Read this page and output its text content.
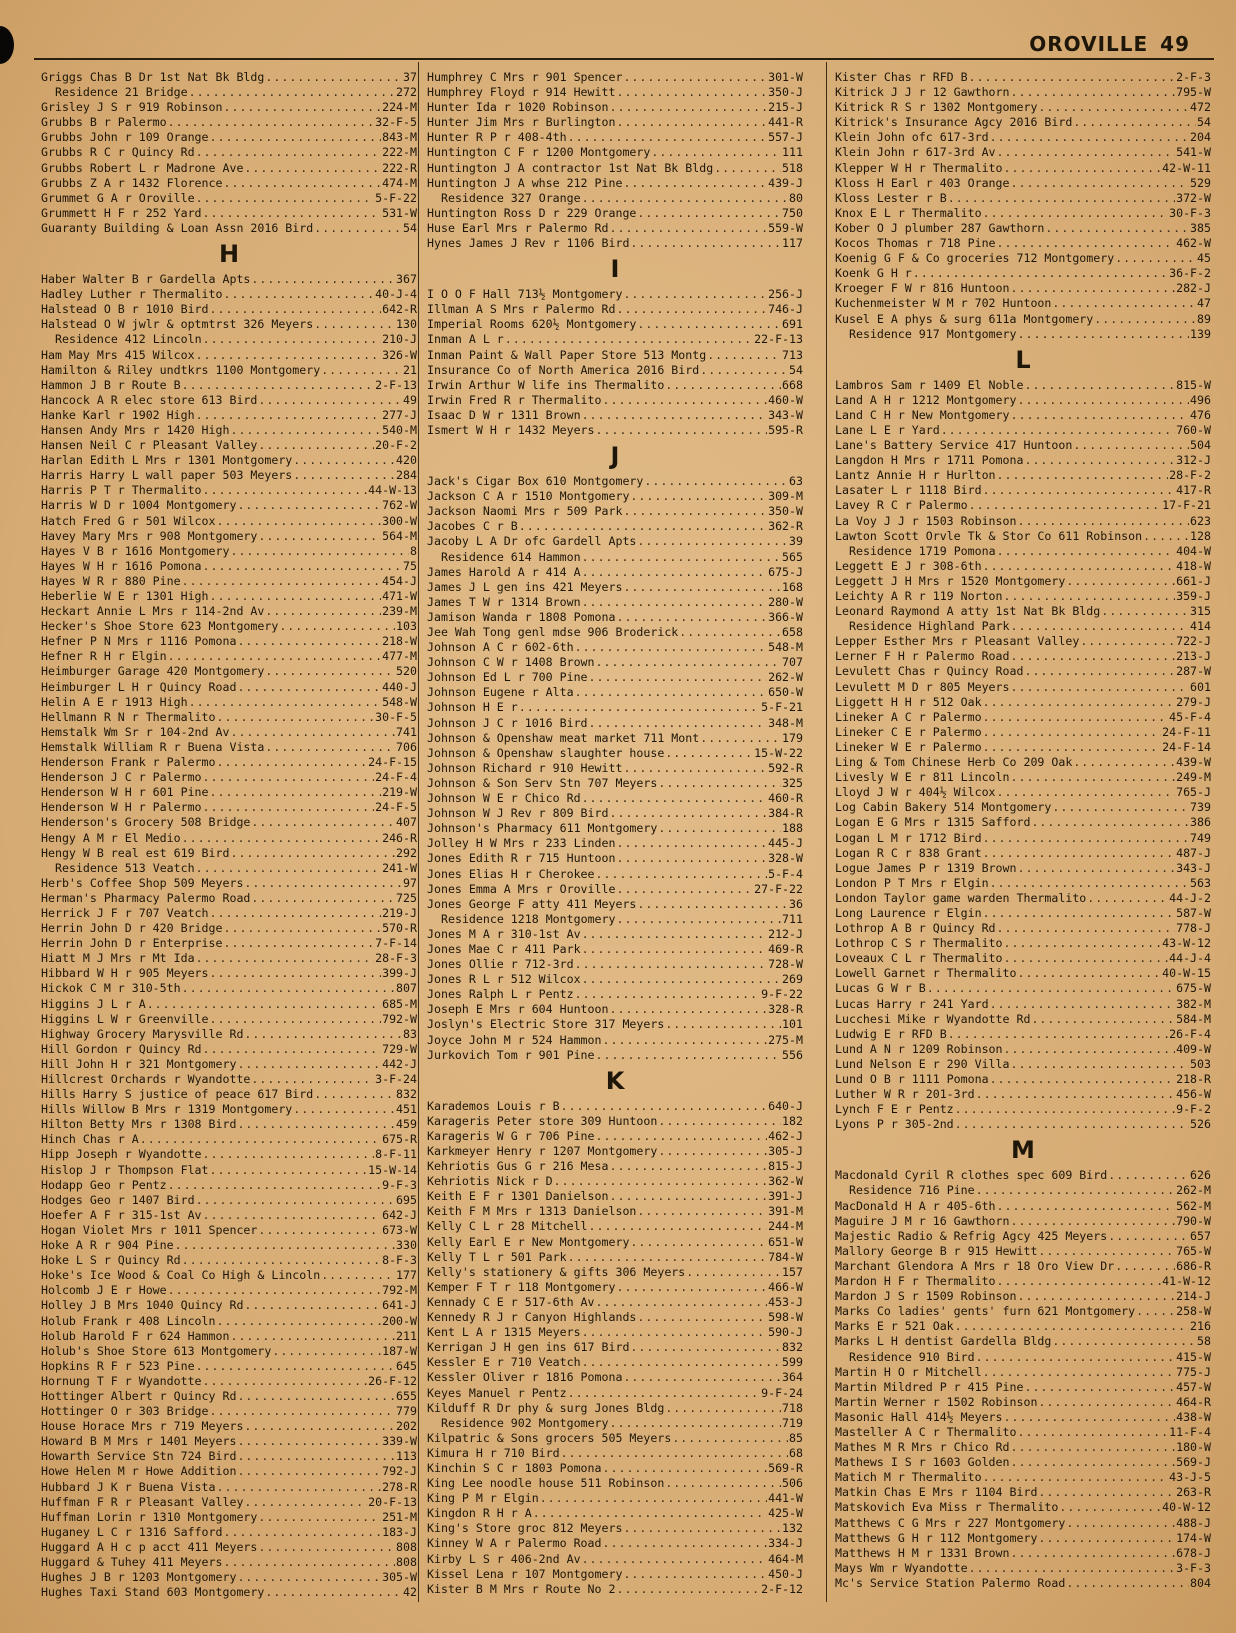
OROVILLE 49
Griggs Chas B Dr 1st Nat Bk Bldg .....	37
Residence 21 Bridge .....	272
Grisley J S r 919 Robinson .....	224-M
Grubbs B r Palermo .....	32-F-5
Grubbs John r 109 Orange .....	843-M
Grubbs R C r Quincy Rd .....	222-M
Grubbs Robert L r Madrone Ave .....	222-R
Grubbs Z A r 1432 Florence .....	474-M
Grummet G A r Oroville .....	5-F-22
Grummett H F r 252 Yard .....	531-W
Guaranty Building & Loan Assn 2016 Bird .....	54
H
Haber Walter B r Gardella Apts .....	367
Hadley Luther r Thermalito .....	40-J-4
Halstead O B r 1010 Bird .....	642-R
Halstead O W jwlr & optmtrst 326 Meyers .....	130
Residence 412 Lincoln .....	210-J
Ham May Mrs 415 Wilcox .....	326-W
Hamilton & Riley undtkrs 1100 Montgomery .....	21
Hammon J B r Route B .....	2-F-13
Hancock A R elec store 613 Bird .....	49
Hanke Karl r 1902 High .....	277-J
Hansen Andy Mrs r 1420 High .....	540-M
Hansen Neil C r Pleasant Valley .....	20-F-2
Harlan Edith L Mrs r 1301 Montgomery .....	420
Harris Harry L wall paper 503 Meyers .....	284
Harris P T r Thermalito .....	44-W-13
Harris W D r 1004 Montgomery .....	762-W
Hatch Fred G r 501 Wilcox .....	300-W
Havey Mary Mrs r 908 Montgomery .....	564-M
Hayes V B r 1616 Montgomery .....	8
Hayes W H r 1616 Pomona .....	75
Hayes W R r 880 Pine .....	454-J
Heberlie W E r 1301 High .....	471-W
Heckart Annie L Mrs r 114-2nd Av .....	239-M
Hecker's Shoe Store 623 Montgomery .....	103
Hefner P N Mrs r 1116 Pomona .....	218-W
Hefner R H r Elgin .....	477-M
Heimburger Garage 420 Montgomery .....	520
Heimburger L H r Quincy Road .....	440-J
Helin A E r 1913 High .....	548-W
Hellmann R N r Thermalito .....	30-F-5
Hemstalk Wm Sr r 104-2nd Av .....	741
Hemstalk William R r Buena Vista .....	706
Henderson Frank r Palermo .....	24-F-15
Henderson J C r Palermo .....	24-F-4
Henderson W H r 601 Pine .....	219-W
Henderson W H r Palermo .....	24-F-5
Henderson's Grocery 508 Bridge .....	407
Hengy A M r El Medio .....	246-R
Hengy W B real est 619 Bird .....	292
Residence 513 Veatch .....	241-W
Herb's Coffee Shop 509 Meyers .....	97
Herman's Pharmacy Palermo Road .....	725
Herrick J F r 707 Veatch .....	219-J
Herrin John D r 420 Bridge .....	570-R
Herrin John D r Enterprise .....	7-F-14
Hiatt M J Mrs r Mt Ida .....	28-F-3
Hibbard W H r 905 Meyers .....	399-J
Hickok C M r 310-5th .....	807
Higgins J L r A .....	685-M
Higgins L W r Greenville .....	792-W
Highway Grocery Marysville Rd .....	83
Hill Gordon r Quincy Rd .....	729-W
Hill John H r 321 Montgomery .....	442-J
Hillcrest Orchards r Wyandotte .....	3-F-24
Hills Harry S justice of peace 617 Bird .....	832
Hills Willow B Mrs r 1319 Montgomery .....	451
Hilton Betty Mrs r 1308 Bird .....	459
Hinch Chas r A .....	675-R
Hipp Joseph r Wyandotte .....	8-F-11
Hislop J r Thompson Flat .....	15-W-14
Hodapp Geo r Pentz .....	9-F-3
Hodges Geo r 1407 Bird .....	695
Hoefer A F r 315-1st Av .....	642-J
Hogan Violet Mrs r 1011 Spencer .....	673-W
Hoke A R r 904 Pine .....	330
Hoke L S r Quincy Rd .....	8-F-3
Hoke's Ice Wood & Coal Co High & Lincoln .....	177
Holcomb J E r Howe .....	792-M
Holley J B Mrs 1040 Quincy Rd .....	641-J
Holub Frank r 408 Lincoln .....	200-W
Holub Harold F r 624 Hammon .....	211
Holub's Shoe Store 613 Montgomery .....	187-W
Hopkins R F r 523 Pine .....	645
Hornung T F r Wyandotte .....	26-F-12
Hottinger Albert r Quincy Rd .....	655
Hottinger O r 303 Bridge .....	779
House Horace Mrs r 719 Meyers .....	202
Howard B M Mrs r 1401 Meyers .....	339-W
Howarth Service Stn 724 Bird .....	113
Howe Helen M r Howe Addition .....	792-J
Hubbard J K r Buena Vista .....	278-R
Huffman F R r Pleasant Valley .....	20-F-13
Huffman Lorin r 1310 Montgomery .....	251-M
Huganey L C r 1316 Safford .....	183-J
Huggard A H c p acct 411 Meyers .....	808
Huggard & Tuhey 411 Meyers .....	808
Hughes J B r 1203 Montgomery .....	305-W
Hughes Taxi Stand 603 Montgomery .....	42
Humphrey C Mrs r 901 Spencer .....	301-W
Humphrey Floyd r 914 Hewitt .....	350-J
Hunter Ida r 1020 Robinson .....	215-J
Hunter Jim Mrs r Burlington .....	441-R
Hunter R P r 408-4th .....	557-J
Huntington C F r 1200 Montgomery .....	111
Huntington J A contractor 1st Nat Bk Bldg .....	518
Huntington J A whse 212 Pine .....	439-J
Residence 327 Orange .....	80
Huntington Ross D r 229 Orange .....	750
Huse Earl Mrs r Palermo Rd .....	559-W
Hynes James J Rev r 1106 Bird .....	117
I
I O O F Hall 713½ Montgomery .....	256-J
Illman A S Mrs r Palermo Rd .....	746-J
Imperial Rooms 620½ Montgomery .....	691
Inman A L r .....	22-F-13
Inman Paint & Wall Paper Store 513 Montg .....	713
Insurance Co of North America 2016 Bird .....	54
Irwin Arthur W life ins Thermalito .....	668
Irwin Fred R r Thermalito .....	460-W
Isaac D W r 1311 Brown .....	343-W
Ismert W H r 1432 Meyers .....	595-R
J
Jack's Cigar Box 610 Montgomery .....	63
Jackson C A r 1510 Montgomery .....	309-M
Jackson Naomi Mrs r 509 Park .....	350-W
Jacobes C r B .....	362-R
Jacoby L A Dr ofc Gardell Apts .....	39
Residence 614 Hammon .....	565
James Harold A r 414 A .....	675-J
James J L gen ins 421 Meyers .....	168
James T W r 1314 Brown .....	280-W
Jamison Wanda r 1808 Pomona .....	366-W
Jee Wah Tong genl mdse 906 Broderick .....	658
Johnson A C r 602-6th .....	548-M
Johnson C W r 1408 Brown .....	707
Johnson Ed L r 700 Pine .....	262-W
Johnson Eugene r Alta .....	650-W
Johnson H E r .....	5-F-21
Johnson J C r 1016 Bird .....	348-M
Johnson & Openshaw meat market 711 Mont .....	179
Johnson & Openshaw slaughter house .....	15-W-22
Johnson Richard r 910 Hewitt .....	592-R
Johnson & Son Serv Stn 707 Meyers .....	325
Johnson W E r Chico Rd .....	460-R
Johnson W J Rev r 809 Bird .....	384-R
Johnson's Pharmacy 611 Montgomery .....	188
Jolley H W Mrs r 233 Linden .....	445-J
Jones Edith R r 715 Huntoon .....	328-W
Jones Elias H r Cherokee .....	5-F-4
Jones Emma A Mrs r Oroville .....	27-F-22
Jones George F atty 411 Meyers .....	36
Residence 1218 Montgomery .....	711
Jones M A r 310-1st Av .....	212-J
Jones Mae C r 411 Park .....	469-R
Jones Ollie r 712-3rd .....	728-W
Jones R L r 512 Wilcox .....	269
Jones Ralph L r Pentz .....	9-F-22
Joseph E Mrs r 604 Huntoon .....	328-R
Joslyn's Electric Store 317 Meyers .....	101
Joyce John M r 524 Hammon .....	275-M
Jurkovich Tom r 901 Pine .....	556
K
Karademos Louis r B .....	640-J
Karageris Peter store 309 Huntoon .....	182
Karageris W G r 706 Pine .....	462-J
Karkmeyer Henry r 1207 Montgomery .....	305-J
Kehriotis Gus G r 216 Mesa .....	815-J
Kehriotis Nick r D .....	362-W
Keith E F r 1301 Danielson .....	391-J
Keith F M Mrs r 1313 Danielson .....	391-M
Kelly C L r 28 Mitchell .....	244-M
Kelly Earl E r New Montgomery .....	651-W
Kelly T L r 501 Park .....	784-W
Kelly's stationery & gifts 306 Meyers .....	157
Kemper F T r 118 Montgomery .....	466-W
Kennady C E r 517-6th Av .....	453-J
Kennedy R J r Canyon Highlands .....	598-W
Kent L A r 1315 Meyers .....	590-J
Kerrigan J H gen ins 617 Bird .....	832
Kessler E r 710 Veatch .....	599
Kessler Oliver r 1816 Pomona .....	364
Keyes Manuel r Pentz .....	9-F-24
Kilduff R Dr phy & surg Jones Bldg .....	718
Residence 902 Montgomery .....	719
Kilpatric & Sons grocers 505 Meyers .....	85
Kimura H r 710 Bird .....	68
Kinchin S C r 1803 Pomona .....	569-R
King Lee noodle house 511 Robinson .....	506
King P M r Elgin .....	441-W
Kingdon R H r A .....	425-W
King's Store groc 812 Meyers .....	132
Kinney W A r Palermo Road .....	334-J
Kirby L S r 406-2nd Av .....	464-M
Kissel Lena r 107 Montgomery .....	450-J
Kister B M Mrs r Route No 2 .....	2-F-12
Kister Chas r RFD B .....	2-F-3
Kitrick J J r 12 Gawthorn .....	795-W
Kitrick R S r 1302 Montgomery .....	472
Kitrick's Insurance Agcy 2016 Bird .....	54
Klein John ofc 617-3rd .....	204
Klein John r 617-3rd Av .....	541-W
Klepper W H r Thermalito .....	42-W-11
Kloss H Earl r 403 Orange .....	529
Kloss Lester r B .....	372-W
Knox E L r Thermalito .....	30-F-3
Kober O J plumber 287 Gawthorn .....	385
Kocos Thomas r 718 Pine .....	462-W
Koenig G F & Co groceries 712 Montgomery .....	45
Koenk G H r .....	36-F-2
Kroeger F W r 816 Huntoon .....	282-J
Kuchenmeister W M r 702 Huntoon .....	47
Kusel E A phys & surg 611a Montgomery .....	89
Residence 917 Montgomery .....	139
L
Lambros Sam r 1409 El Noble .....	815-W
Land A H r 1212 Montgomery .....	496
Land C H r New Montgomery .....	476
Lane L E r Yard .....	760-W
Lane's Battery Service 417 Huntoon .....	504
Langdon H Mrs r 1711 Pomona .....	312-J
Lantz Annie H r Hurlton .....	28-F-2
Lasater L r 1118 Bird .....	417-R
Lavey R C r Palermo .....	17-F-21
La Voy J J r 1503 Robinson .....	623
Lawton Scott Orvle Tk & Stor Co 611 Robinson .....	128
Residence 1719 Pomona .....	404-W
Leggett E J r 308-6th .....	418-W
Leggett J H Mrs r 1520 Montgomery .....	661-J
Leichty A R r 119 Norton .....	359-J
Leonard Raymond A atty 1st Nat Bk Bldg .....	315
Residence Highland Park .....	414
Lepper Esther Mrs r Pleasant Valley .....	722-J
Lerner F H r Palermo Road .....	213-J
Levulett Chas r Quincy Road .....	287-W
Levulett M D r 805 Meyers .....	601
Liggett H H r 512 Oak .....	279-J
Lineker A C r Palermo .....	45-F-4
Lineker C E r Palermo .....	24-F-11
Lineker W E r Palermo .....	24-F-14
Ling & Tom Chinese Herb Co 209 Oak .....	439-W
Livesly W E r 811 Lincoln .....	249-M
Lloyd J W r 404½ Wilcox .....	765-J
Log Cabin Bakery 514 Montgomery .....	739
Logan E G Mrs r 1315 Safford .....	386
Logan L M r 1712 Bird .....	749
Logan R C r 838 Grant .....	487-J
Logue James P r 1319 Brown .....	343-J
London P T Mrs r Elgin .....	563
London Taylor game warden Thermalito .....	44-J-2
Long Laurence r Elgin .....	587-W
Lothrop A B r Quincy Rd .....	778-J
Lothrop C S r Thermalito .....	43-W-12
Loveaux C L r Thermalito .....	44-J-4
Lowell Garnet r Thermalito .....	40-W-15
Lucas G W r B .....	675-W
Lucas Harry r 241 Yard .....	382-M
Lucchesi Mike r Wyandotte Rd .....	584-M
Ludwig E r RFD B .....	26-F-4
Lund A N r 1209 Robinson .....	409-W
Lund Nelson E r 290 Villa .....	503
Lund O B r 1111 Pomona .....	218-R
Luther W R r 201-3rd .....	456-W
Lynch F E r Pentz .....	9-F-2
Lyons P r 305-2nd .....	526
M
Macdonald Cyril R clothes spec 609 Bird .....	626
Residence 716 Pine .....	262-M
MacDonald H A r 405-6th .....	562-M
Maguire J M r 16 Gawthorn .....	790-W
Majestic Radio & Refrig Agcy 425 Meyers .....	657
Mallory George B r 915 Hewitt .....	765-W
Marchant Glendora A Mrs r 18 Oro View Dr .....	686-R
Mardon H F r Thermalito .....	41-W-12
Mardon J S r 1509 Robinson .....	214-J
Marks Co ladies' gents' furn 621 Montgomery .....	258-W
Marks E r 521 Oak .....	216
Marks L H dentist Gardella Bldg .....	58
Residence 910 Bird .....	415-W
Martin H O r Mitchell .....	775-J
Martin Mildred P r 415 Pine .....	457-W
Martin Werner r 1502 Robinson .....	464-R
Masonic Hall 414½ Meyers .....	438-W
Masteller A C r Thermalito .....	11-F-4
Mathes M R Mrs r Chico Rd .....	180-W
Mathews I S r 1603 Golden .....	569-J
Matich M r Thermalito .....	43-J-5
Matkin Chas E Mrs r 1104 Bird .....	263-R
Matskovich Eva Miss r Thermalito .....	40-W-12
Matthews C G Mrs r 227 Montgomery .....	488-J
Matthews G H r 112 Montgomery .....	174-W
Matthews H M r 1331 Brown .....	678-J
Mays Wm r Wyandotte .....	3-F-3
Mc's Service Station Palermo Road .....	804
